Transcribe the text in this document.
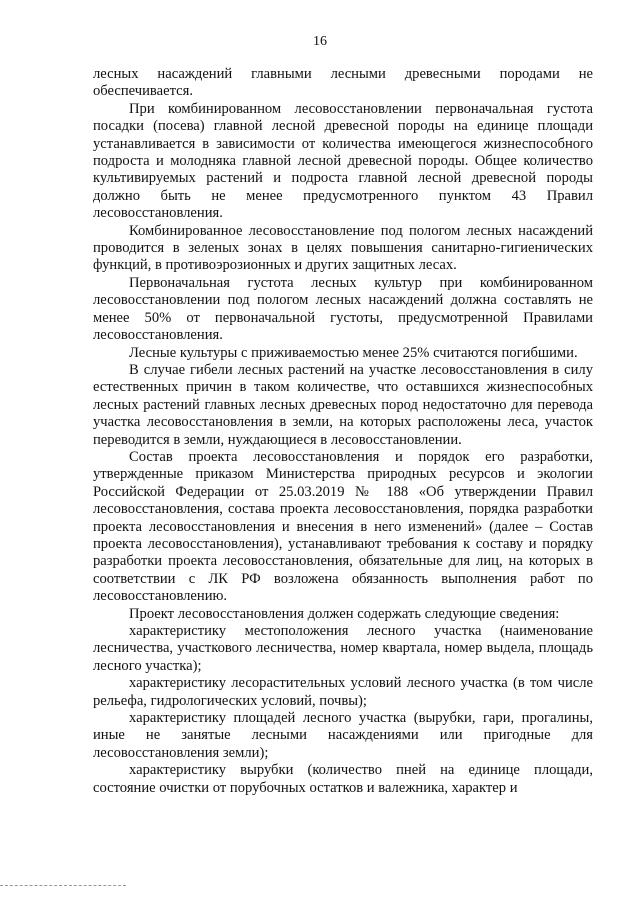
16

лесных насаждений главными лесными древесными породами не обеспечивается.

При комбинированном лесовосстановлении первоначальная густота посадки (посева) главной лесной древесной породы на единице площади устанавливается в зависимости от количества имеющегося жизнеспособного подроста и молодняка главной лесной древесной породы. Общее количество культивируемых растений и подроста главной лесной древесной породы должно быть не менее предусмотренного пунктом 43 Правил лесовосстановления.

Комбинированное лесовосстановление под пологом лесных насаждений проводится в зеленых зонах в целях повышения санитарно-гигиенических функций, в противоэрозионных и других защитных лесах.

Первоначальная густота лесных культур при комбинированном лесовосстановлении под пологом лесных насаждений должна составлять не менее 50% от первоначальной густоты, предусмотренной Правилами лесовосстановления.

Лесные культуры с приживаемостью менее 25% считаются погибшими.

В случае гибели лесных растений на участке лесовосстановления в силу естественных причин в таком количестве, что оставшихся жизнеспособных лесных растений главных лесных древесных пород недостаточно для перевода участка лесовосстановления в земли, на которых расположены леса, участок переводится в земли, нуждающиеся в лесовосстановлении.

Состав проекта лесовосстановления и порядок его разработки, утвержденные приказом Министерства природных ресурсов и экологии Российской Федерации от 25.03.2019 № 188 «Об утверждении Правил лесовосстановления, состава проекта лесовосстановления, порядка разработки проекта лесовосстановления и внесения в него изменений» (далее – Состав проекта лесовосстановления), устанавливают требования к составу и порядку разработки проекта лесовосстановления, обязательные для лиц, на которых в соответствии с ЛК РФ возложена обязанность выполнения работ по лесовосстановлению.

Проект лесовосстановления должен содержать следующие сведения:

характеристику местоположения лесного участка (наименование лесничества, участкового лесничества, номер квартала, номер выдела, площадь лесного участка);

характеристику лесорастительных условий лесного участка (в том числе рельефа, гидрологических условий, почвы);

характеристику площадей лесного участка (вырубки, гари, прогалины, иные не занятые лесными насаждениями или пригодные для лесовосстановления земли);

характеристику вырубки (количество пней на единице площади, состояние очистки от порубочных остатков и валежника, характер и
